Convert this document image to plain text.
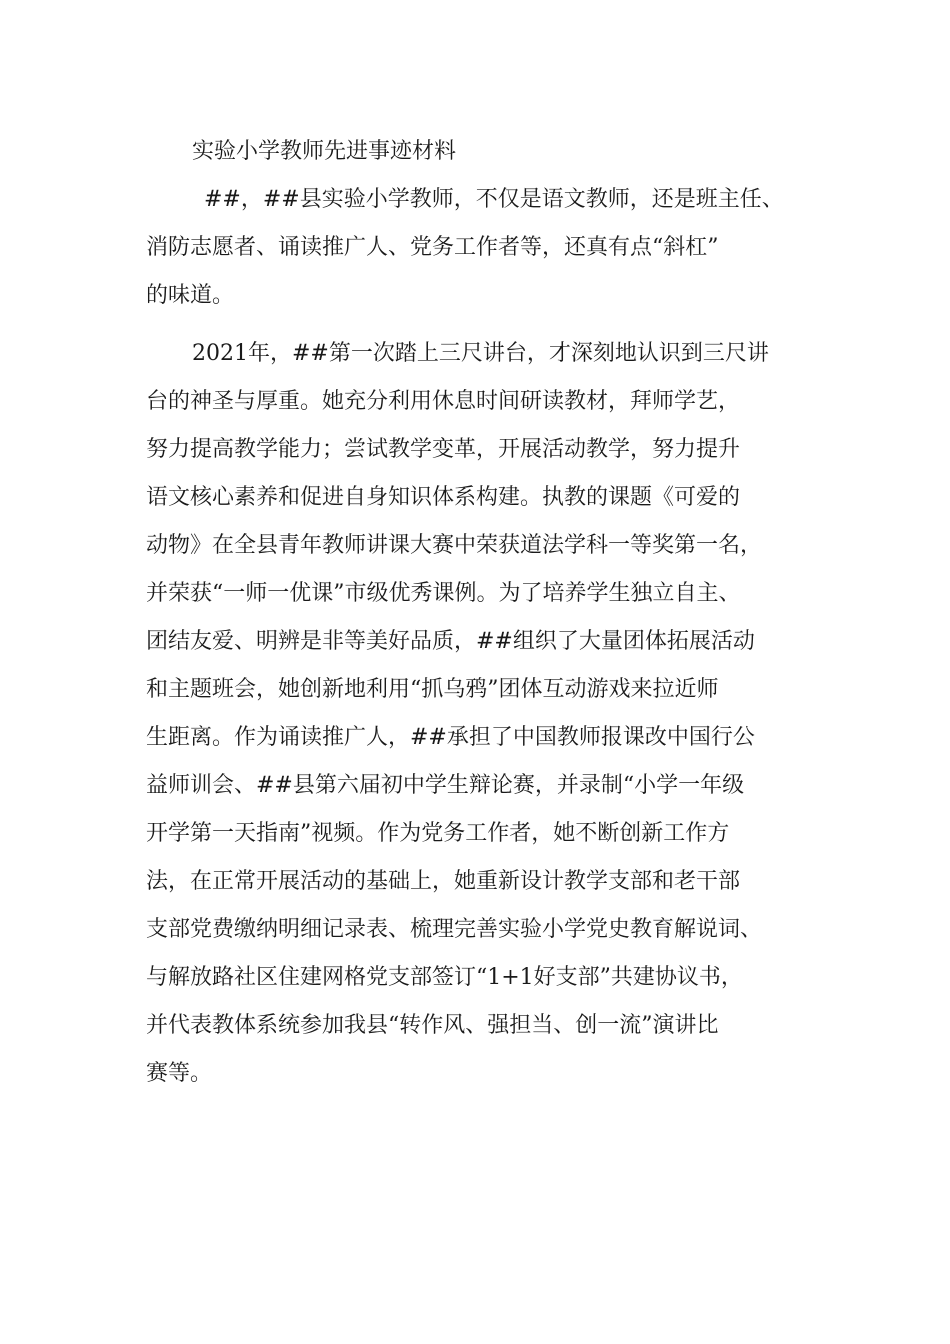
实验小学教师先进事迹材料
##，##县实验小学教师，不仅是语文教师，还是班主任、
消防志愿者、诵读推广人、党务工作者等，还真有点“斜杠”
的味道。
2021年，##第一次踏上三尺讲台，才深刻地认识到三尺讲
台的神圣与厚重。她充分利用休息时间研读教材，拜师学艺，
努力提高教学能力；尝试教学变革，开展活动教学，努力提升
语文核心素养和促进自身知识体系构建。执教的课题《可爱的
动物》在全县青年教师讲课大赛中荣获道法学科一等奖第一名，
并荣获“一师一优课”市级优秀课例。为了培养学生独立自主、
团结友爱、明辨是非等美好品质，##组织了大量团体拓展活动
和主题班会，她创新地利用“抓乌鸦”团体互动游戏来拉近师
生距离。作为诵读推广人，##承担了中国教师报课改中国行公
益师训会、##县第六届初中学生辩论赛，并录制“小学一年级
开学第一天指南”视频。作为党务工作者，她不断创新工作方
法，在正常开展活动的基础上，她重新设计教学支部和老干部
支部党费缴纳明细记录表、梳理完善实验小学党史教育解说词、
与解放路社区住建网格党支部签订“1+1好支部”共建协议书，
并代表教体系统参加我县“转作风、强担当、创一流”演讲比
赛等。
